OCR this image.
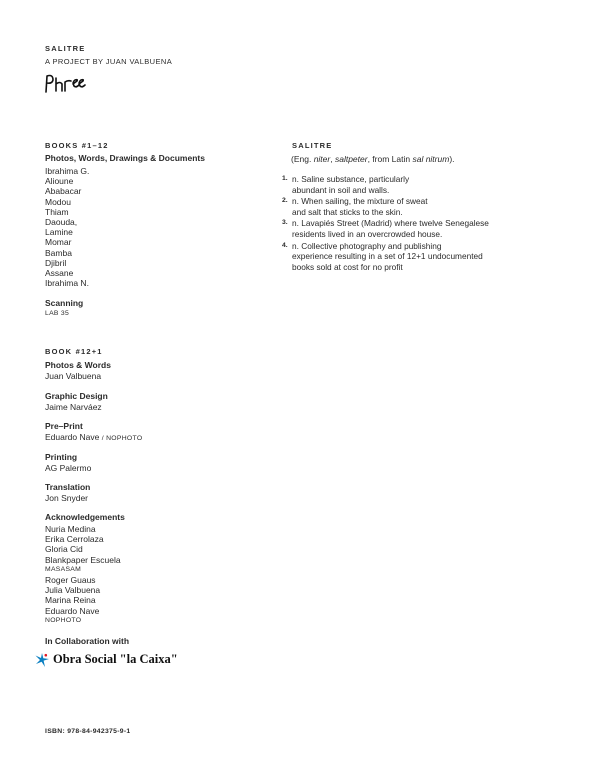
SALITRE
A PROJECT BY JUAN VALBUENA
BOOKS #1–12
Photos, Words, Drawings & Documents
Ibrahima G.
Alioune
Ababacar
Modou
Thiam
Daouda,
Lamine
Momar
Bamba
Djibril
Assane
Ibrahima N.
Scanning
LAB 35
SALITRE
(Eng. niter, saltpeter, from Latin sal nitrum).
1. n. Saline substance, particularly
abundant in soil and walls.
2. n. When sailing, the mixture of sweat
and salt that sticks to the skin.
3. n. Lavapiés Street (Madrid) where twelve Senegalese
residents lived in an overcrowded house.
4. n. Collective photography and publishing
experience resulting in a set of 12+1 undocumented
books sold at cost for no profit
BOOK #12+1
Photos & Words
Juan Valbuena
Graphic Design
Jaime Narváez
Pre–Print
Eduardo Nave / NOPHOTO
Printing
AG Palermo
Translation
Jon Snyder
Acknowledgements
Nuria Medina
Erika Cerrolaza
Gloria Cid
Blankpaper Escuela
MASASAM
Roger Guaus
Julia Valbuena
Marina Reina
Eduardo Nave
NOPHOTO
In Collaboration with
Obra Social "la Caixa"
ISBN: 978-84-942375-9-1
